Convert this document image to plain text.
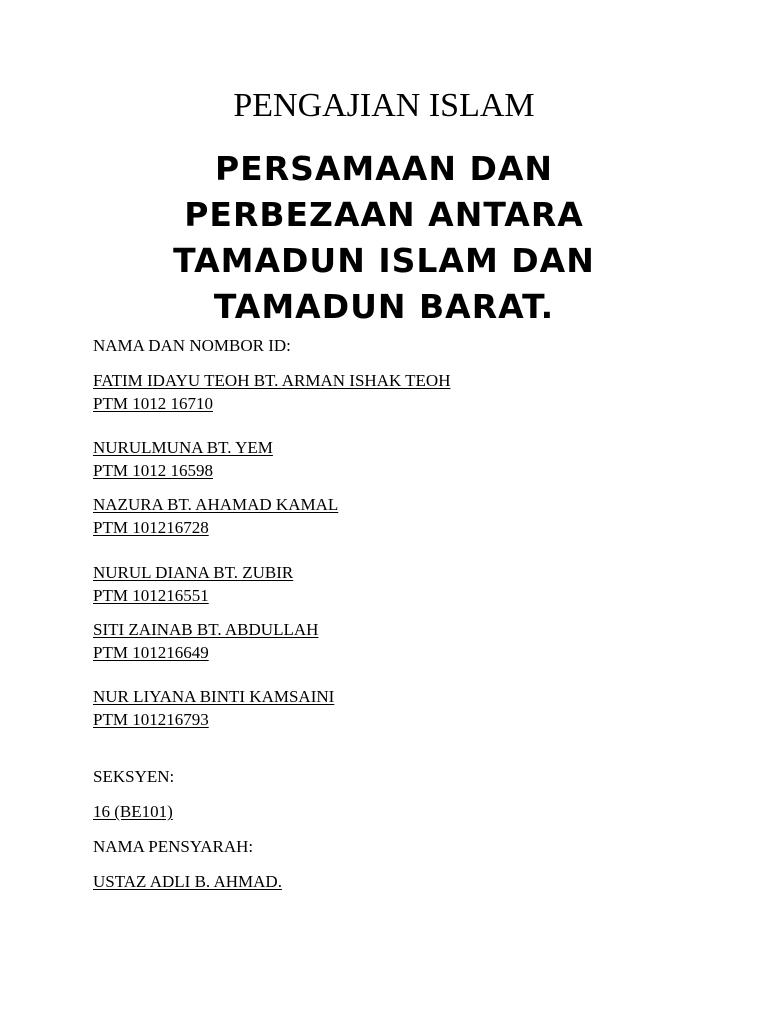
PENGAJIAN ISLAM
PERSAMAAN DAN
PERBEZAAN ANTARA
TAMADUN ISLAM DAN
TAMADUN BARAT.
NAMA DAN NOMBOR ID:
FATIM IDAYU TEOH BT. ARMAN ISHAK TEOH
PTM 1012 16710
NURULMUNA BT. YEM
PTM 1012 16598
NAZURA BT. AHAMAD KAMAL
PTM 101216728
NURUL DIANA BT. ZUBIR
PTM 101216551
SITI ZAINAB BT. ABDULLAH
PTM 101216649
NUR LIYANA BINTI KAMSAINI
PTM 101216793
SEKSYEN:
16 (BE101)
NAMA PENSYARAH:
USTAZ ADLI B. AHMAD.
